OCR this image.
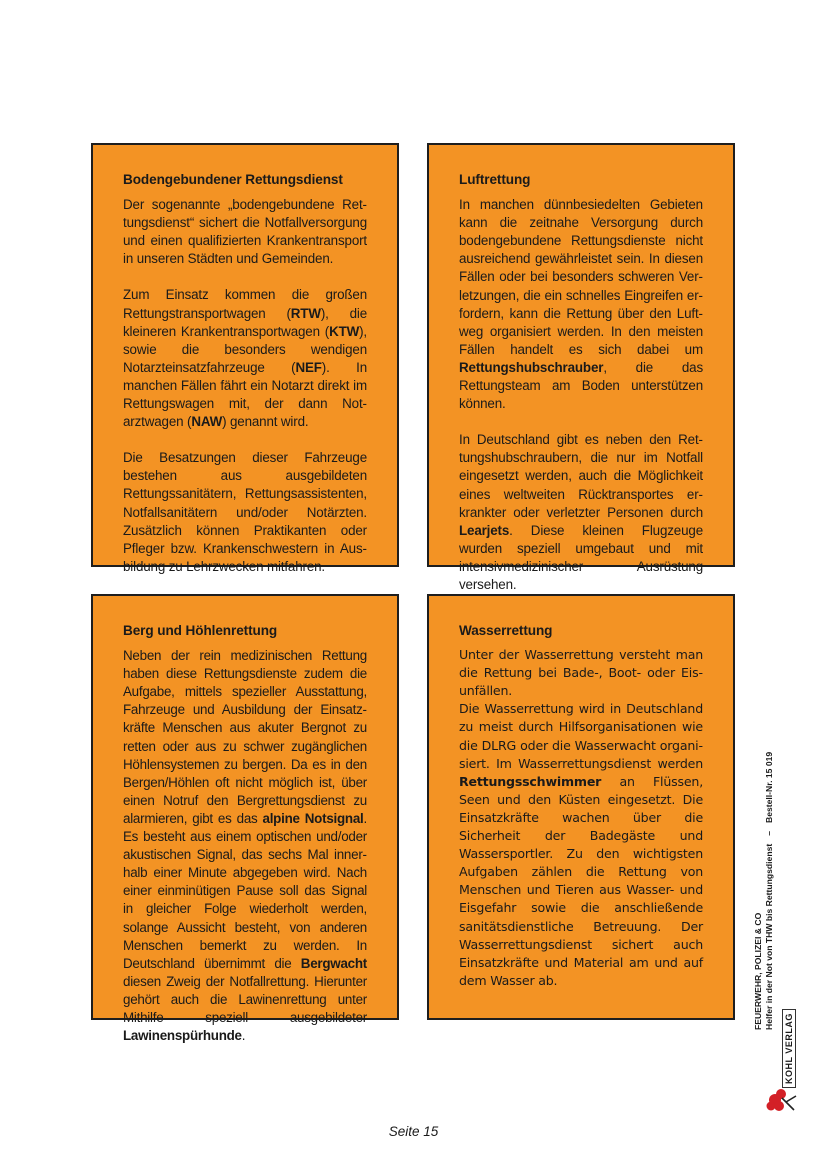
Bodengebundener Rettungsdienst

Der sogenannte „bodengebundene Rettungsdienst“ sichert die Notfallversorgung und einen qualifizierten Krankentransport in unseren Städten und Gemeinden.

Zum Einsatz kommen die großen Rettungstransportwagen (RTW), die kleineren Krankentransportwagen (KTW), sowie die besonders wendigen Notarzteinsatzfahrzeuge (NEF). In manchen Fällen fährt ein Notarzt direkt im Rettungswagen mit, der dann Notarztwagen (NAW) genannt wird.

Die Besatzungen dieser Fahrzeuge bestehen aus ausgebildeten Rettungssanitätern, Rettungsassistenten, Notfallsanitätern und/oder Notärzten. Zusätzlich können Praktikanten oder Pfleger bzw. Krankenschwestern in Ausbildung zu Lehrzwecken mitfahren.

Luftrettung

In manchen dünnbesiedelten Gebieten kann die zeitnahe Versorgung durch bodengebundene Rettungsdienste nicht ausreichend gewährleistet sein. In diesen Fällen oder bei besonders schweren Verletzungen, die ein schnelles Eingreifen erfordern, kann die Rettung über den Luftweg organisiert werden. In den meisten Fällen handelt es sich dabei um Rettungshubschrauber, die das Rettungsteam am Boden unterstützen können.

In Deutschland gibt es neben den Rettungshubschraubern, die nur im Notfall eingesetzt werden, auch die Möglichkeit eines weltweiten Rücktransportes erkrankter oder verletzter Personen durch Learjets. Diese kleinen Flugzeuge wurden speziell umgebaut und mit intensivmedizinischer Ausrüstung versehen.

Berg und Höhlenrettung

Neben der rein medizinischen Rettung haben diese Rettungsdienste zudem die Aufgabe, mittels spezieller Ausstattung, Fahrzeuge und Ausbildung der Einsatzkräfte Menschen aus akuter Bergnot zu retten oder aus zu schwer zugänglichen Höhlensystemen zu bergen. Da es in den Bergen/Höhlen oft nicht möglich ist, über einen Notruf den Bergrettungsdienst zu alarmieren, gibt es das alpine Notsignal. Es besteht aus einem optischen und/oder akustischen Signal, das sechs Mal innerhalb einer Minute abgegeben wird. Nach einer einminütigen Pause soll das Signal in gleicher Folge wiederholt werden, solange Aussicht besteht, von anderen Menschen bemerkt zu werden. In Deutschland übernimmt die Bergwacht diesen Zweig der Notfallrettung. Hierunter gehört auch die Lawinenrettung unter Mithilfe speziell ausgebildeter Lawinenspürhunde.

Wasserrettung

Unter der Wasserrettung versteht man die Rettung bei Bade-, Boot- oder Eisunfällen.

Die Wasserrettung wird in Deutschland zu meist durch Hilfsorganisationen wie die DLRG oder die Wasserwacht organisiert. Im Wasserrettungsdienst werden Rettungsschwimmer an Flüssen, Seen und den Küsten eingesetzt. Die Einsatzkräfte wachen über die Sicherheit der Badegäste und Wassersportler. Zu den wichtigsten Aufgaben zählen die Rettung von Menschen und Tieren aus Wasser- und Eisgefahr sowie die anschließende sanitätsdienstliche Betreuung. Der Wasserrettungsdienst sichert auch Einsatzkräfte und Material am und auf dem Wasser ab.	FEUERWEHR, POLIZEI & CO Helfer in der Not von THW bis Rettungsdienst–Bestell-Nr. 15 019
KOHL VERLAG
Seite 15
